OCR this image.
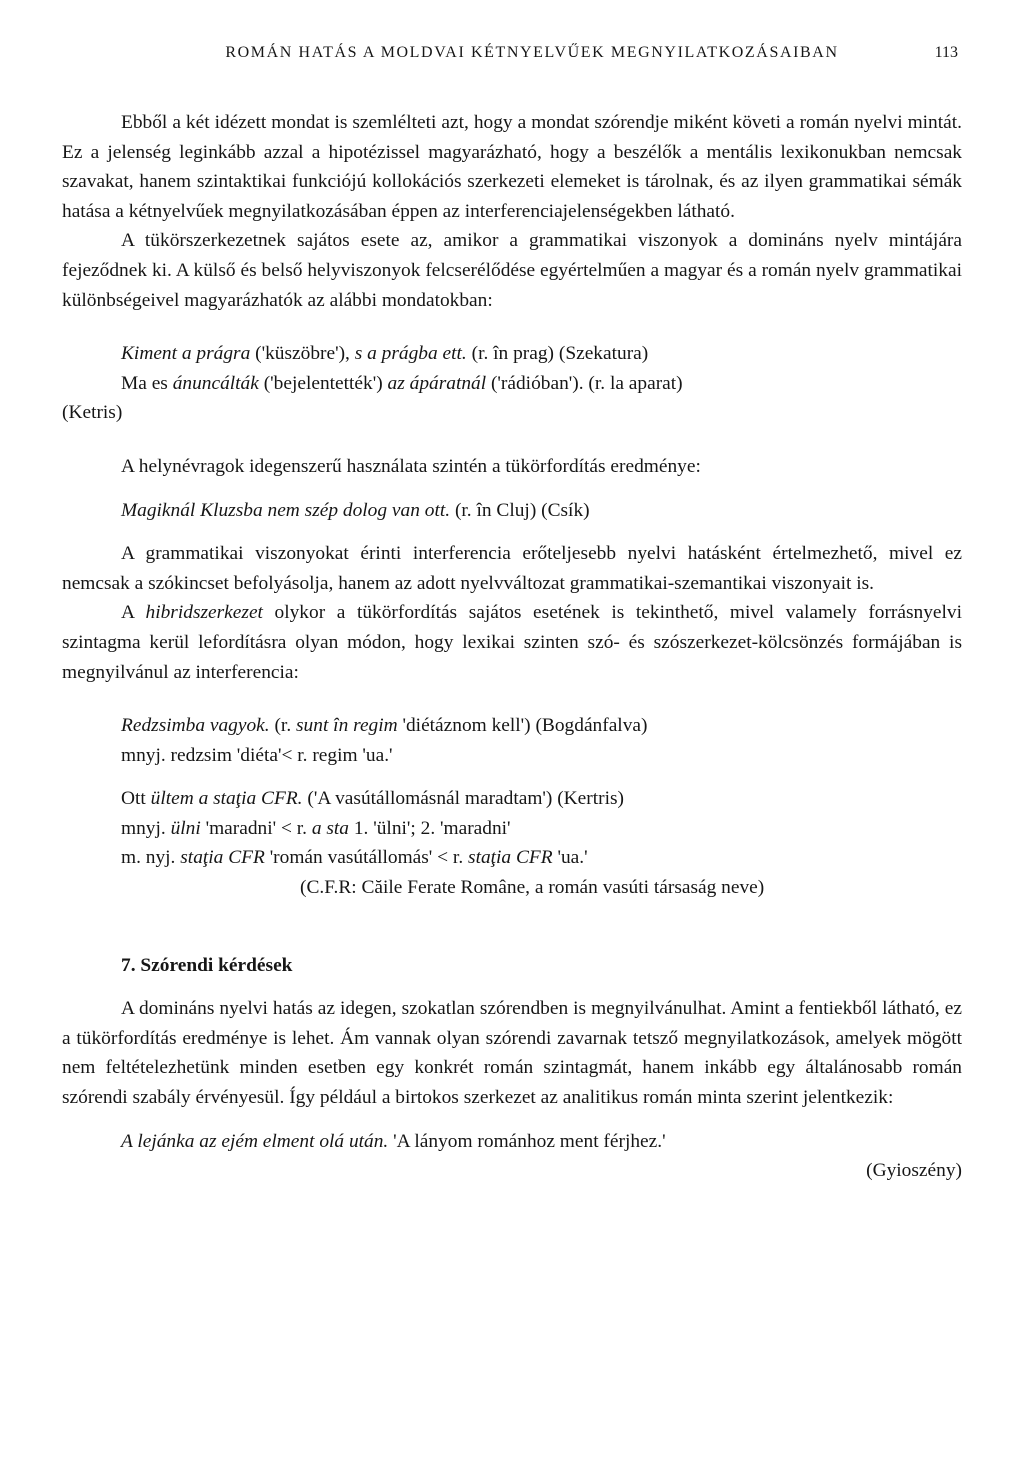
ROMÁN HATÁS A MOLDVAI KÉTNYELVŰEK MEGNYILATKOZÁSAIBAN	113

Ebből a két idézett mondat is szemlélteti azt, hogy a mondat szórendje miként követi a román nyelvi mintát. Ez a jelenség leginkább azzal a hipotézissel magyarázható, hogy a beszélők a mentális lexikonukban nemcsak szavakat, hanem szintaktikai funkciójú kollokációs szerkezeti elemeket is tárolnak, és az ilyen grammatikai sémák hatása a kétnyelvűek megnyilatkozásában éppen az interferenciajelenségekben látható.

A tükörszerkezetnek sajátos esete az, amikor a grammatikai viszonyok a domináns nyelv mintájára fejeződnek ki. A külső és belső helyviszonyok felcserélődése egyértelműen a magyar és a román nyelv grammatikai különbségeivel magyarázhatók az alábbi mondatokban:

Kiment a prágra ('küszöbre'), s a prágba ett. (r. în prag) (Szekatura)

Ma es ánuncálták ('bejelentették') az ápáratnál ('rádióban'). (r. la aparat)

(Ketris)

A helynévragok idegenszerű használata szintén a tükörfordítás eredménye:

Magiknál Kluzsba nem szép dolog van ott. (r. în Cluj) (Csík)

A grammatikai viszonyokat érinti interferencia erőteljesebb nyelvi hatásként értelmezhető, mivel ez nemcsak a szókincset befolyásolja, hanem az adott nyelvváltozat grammatikai-szemantikai viszonyait is.

A hibridszerkezet olykor a tükörfordítás sajátos esetének is tekinthető, mivel valamely forrásnyelvi szintagma kerül lefordításra olyan módon, hogy lexikai szinten szó- és szószerkezet-kölcsönzés formájában is megnyilvánul az interferencia:

Redzsimba vagyok. (r. sunt în regim 'diétáznom kell') (Bogdánfalva)

mnyj. redzsim 'diéta'< r. regim 'ua.'

Ott ültem a staţia CFR. ('A vasútállomásnál maradtam') (Kertris)

mnyj. ülni 'maradni' < r. a sta 1. 'ülni'; 2. 'maradni'

m. nyj. staţia CFR 'román vasútállomás' < r. staţia CFR 'ua.'

(C.F.R: Căile Ferate Române, a román vasúti társaság neve)

7. Szórendi kérdések

A domináns nyelvi hatás az idegen, szokatlan szórendben is megnyilvánulhat. Amint a fentiekből látható, ez a tükörfordítás eredménye is lehet. Ám vannak olyan szórendi zavarnak tetsző megnyilatkozások, amelyek mögött nem feltételezhetünk minden esetben egy konkrét román szintagmát, hanem inkább egy általánosabb román szórendi szabály érvényesül. Így például a birtokos szerkezet az analitikus román minta szerint jelentkezik:

A lejánka az ejém elment olá után. 'A lányom románhoz ment férjhez.'

(Gyioszény)
